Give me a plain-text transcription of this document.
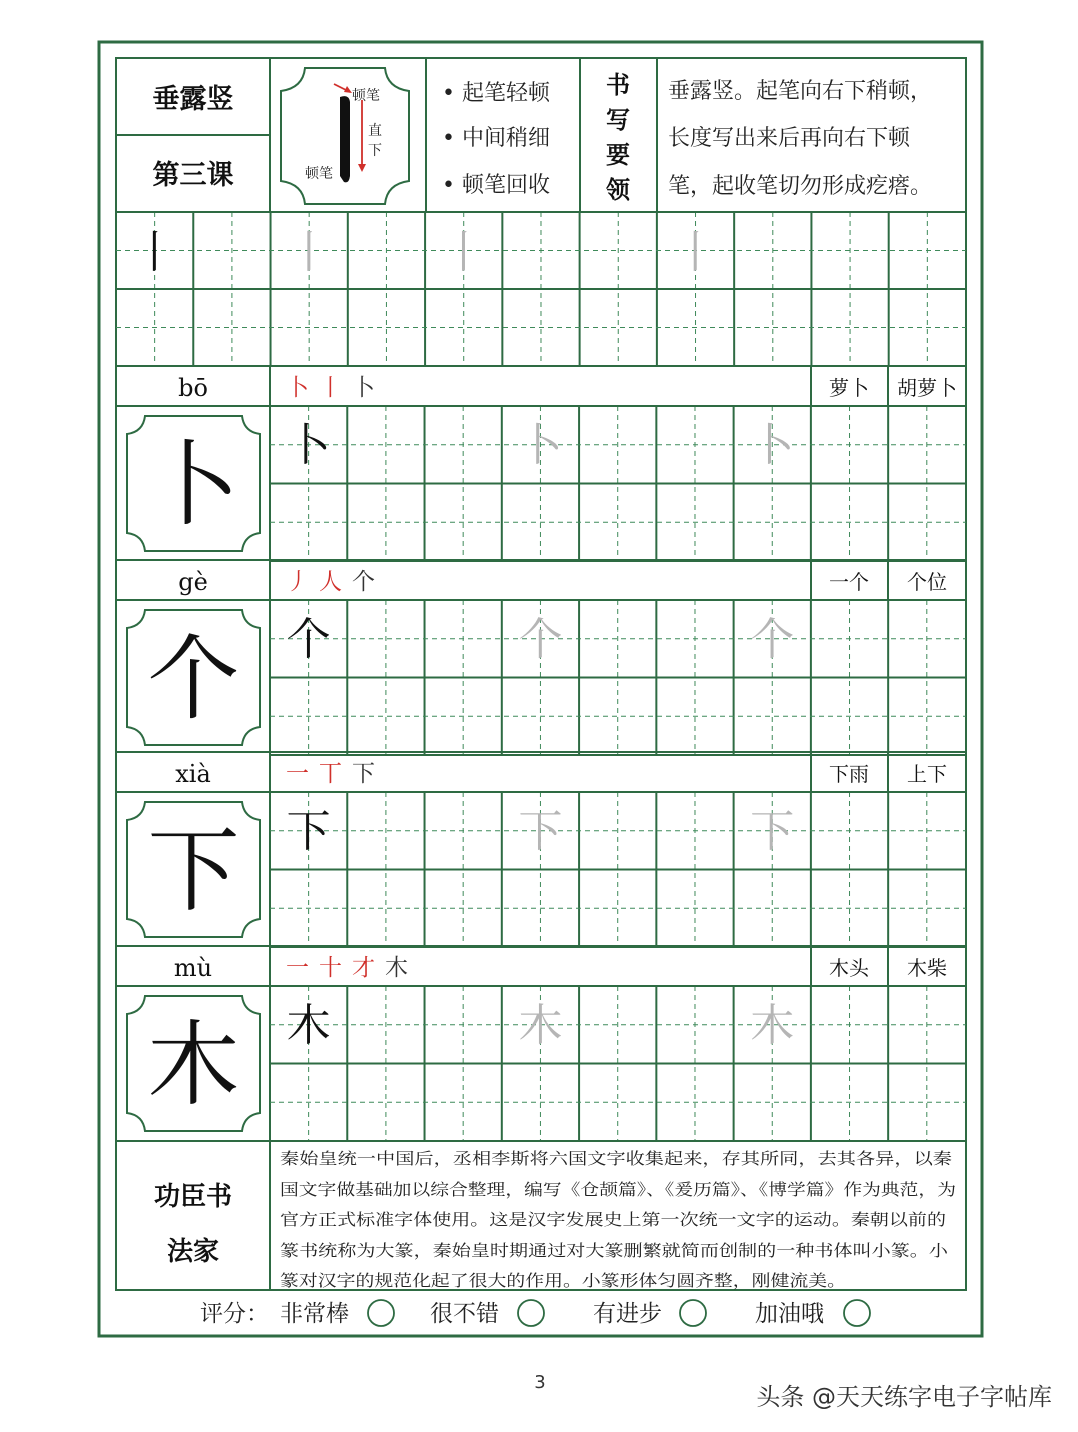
垂露竖
第三课
顿笔
直
下
顿笔
• 起笔轻顿
• 中间稍细
• 顿笔回收
书
写
要
领
垂露竖。起笔向右下稍顿，
长度写出来后再向右下顿
笔，起收笔切勿形成疙瘩。
丨	丨	丨	丨
bō	卜 丨 卜	萝卜 胡萝卜
卜 卜	卜	卜
gè	丿 人 个	一个 个位
个 个	个	个
xià	一 丅 下	下雨 上下
下 下	下	下
mù	一 十 才 木	木头 木柴
木 木	木	木
功臣书
法家
秦始皇统一中国后，丞相李斯将六国文字收集起来，存其所同，去其各异，以秦
国文字做基础加以综合整理，编写《仓颉篇》、《爰历篇》、《博学篇》作为典范，为
官方正式标准字体使用。这是汉字发展史上第一次统一文字的运动。秦朝以前的
篆书统称为大篆，秦始皇时期通过对大篆删繁就简而创制的一种书体叫小篆。小
篆对汉字的规范化起了很大的作用。小篆形体匀圆齐整，刚健流美。
评分： 非常棒	很不错	有进步	加油哦
3
头条 @天天练字电子字帖库
